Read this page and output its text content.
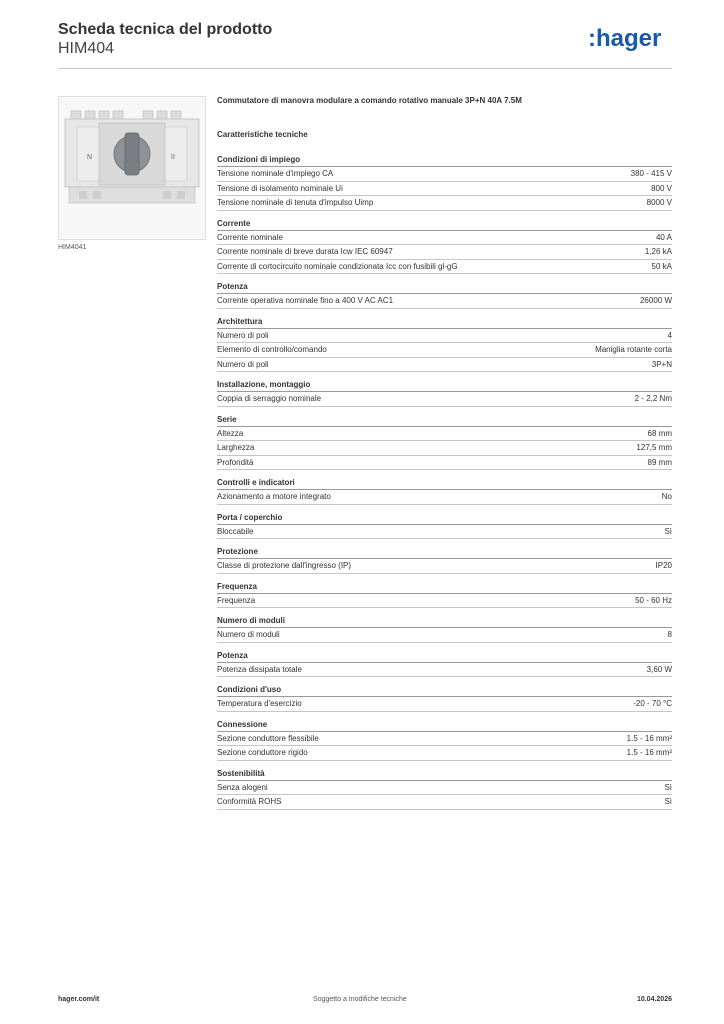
Scheda tecnica del prodotto
HIM404	:hager
N	II
HIM4041
Commutatore di manovra modulare a comando rotativo manuale 3P+N 40A 7.5M
Caratteristiche tecniche
Condizioni di impiego
Tensione nominale d'impiego CA	380 - 415 V
Tensione di isolamento nominale Ui	800 V
Tensione nominale di tenuta d'impulso Uimp	8000 V
Corrente
Corrente nominale	40 A
Corrente nominale di breve durata Icw IEC 60947	1,26 kA
Corrente di cortocircuito nominale condizionata Icc con fusibili gl-gG	50 kA
Potenza
Corrente operativa nominale fino a 400 V AC AC1	26000 W
Architettura
Numero di poli	4
Elemento di controllo/comando	Maniglia rotante corta
Numero di poli	3P+N
Installazione, montaggio
Coppia di serraggio nominale	2 - 2,2 Nm
Serie
Altezza	68 mm
Larghezza	127,5 mm
Profondità	89 mm
Controlli e indicatori
Azionamento a motore integrato	No
Porta / coperchio
Bloccabile	Sì
Protezione
Classe di protezione dall'ingresso (IP)	IP20
Frequenza
Frequenza	50 - 60 Hz
Numero di moduli
Numero di moduli	8
Potenza
Potenza dissipata totale	3,60 W
Condizioni d'uso
Temperatura d'esercizio	-20 - 70 °C
Connessione
Sezione conduttore flessibile	1.5 - 16 mm²
Sezione conduttore rigido	1.5 - 16 mm²
Sostenibilità
Senza alogeni	Sì
Conformità ROHS	Sì
hager.com/it	Soggetto a modifiche tecniche	10.04.2026
